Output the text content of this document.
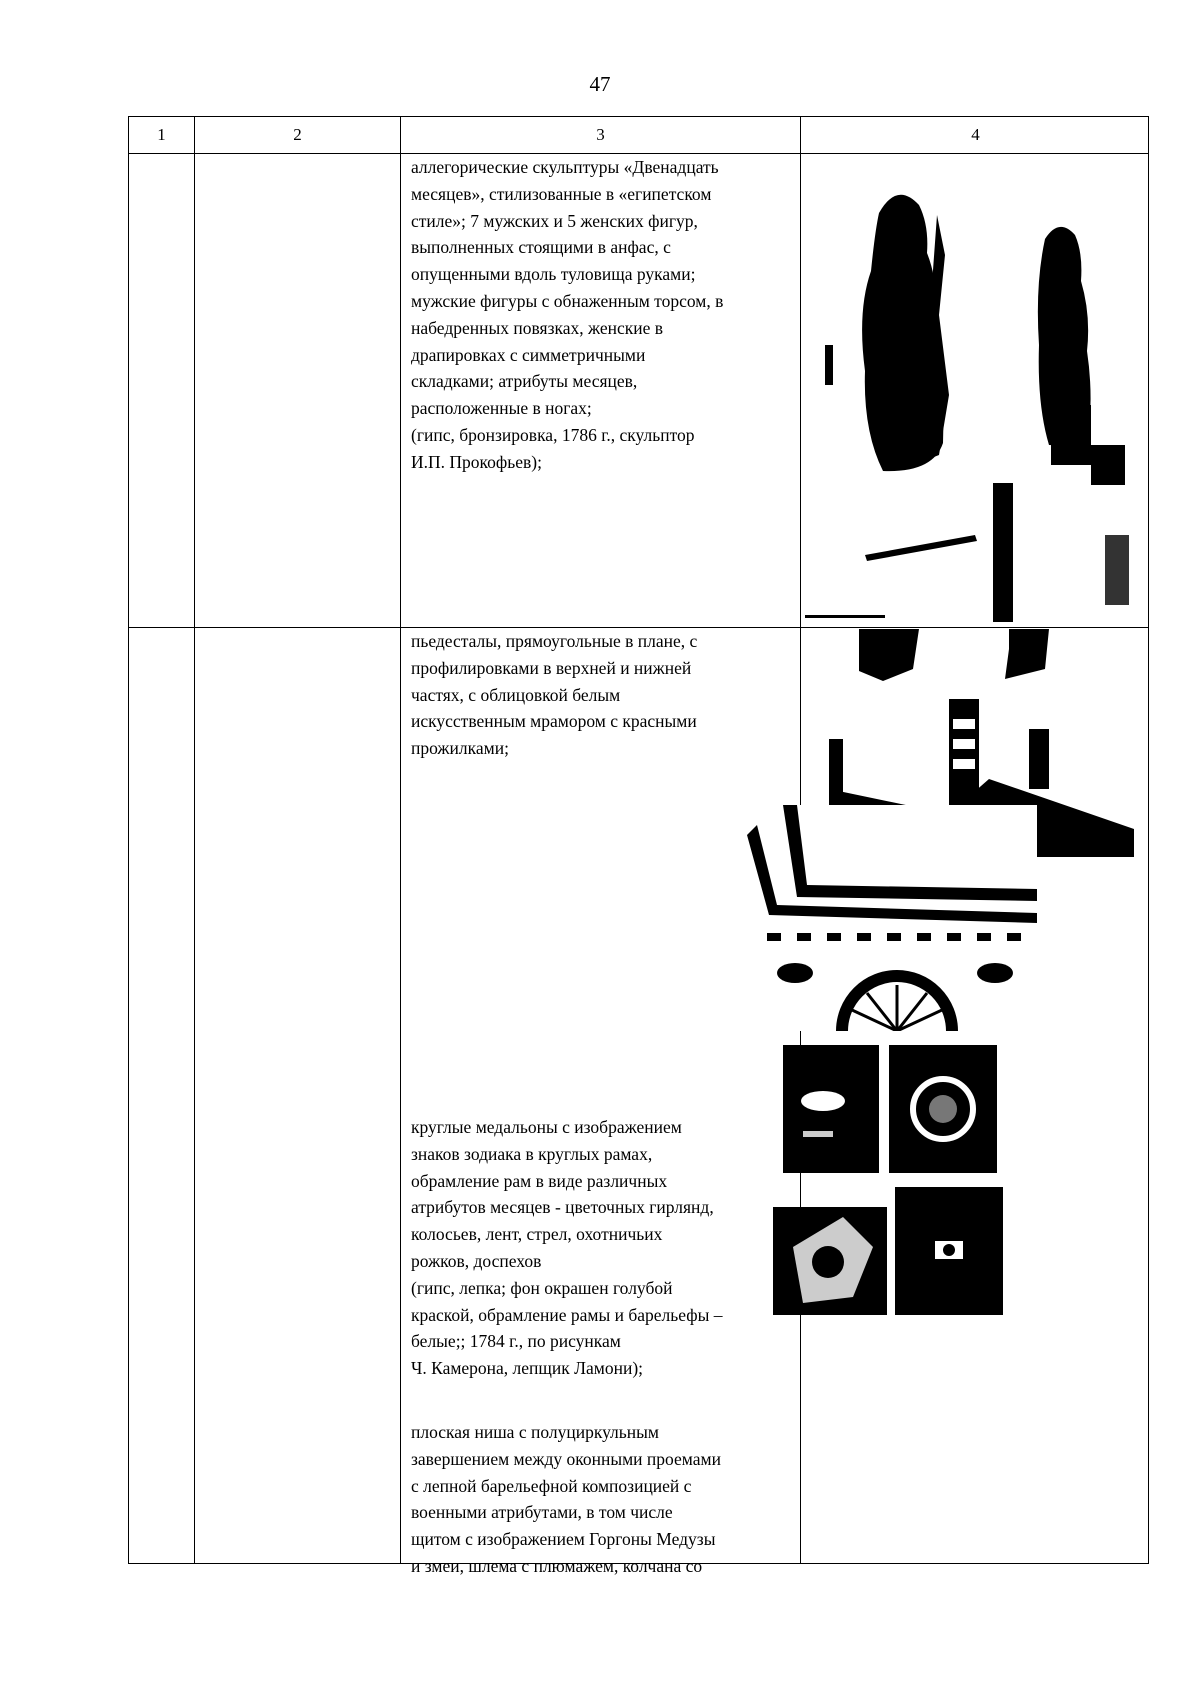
47
1	2	3	4
аллегорические скульптуры «Двенадцать
месяцев», стилизованные в «египетском
стиле»; 7 мужских и 5 женских фигур,
выполненных стоящими в анфас, с
опущенными вдоль туловища руками;
мужские фигуры с обнаженным торсом, в
набедренных повязках, женские в
драпировках с симметричными
складками; атрибуты месяцев,
расположенные в ногах;
(гипс, бронзировка, 1786 г., скульптор
И.П. Прокофьев);
пьедесталы, прямоугольные в плане, с
профилировками в верхней и нижней
частях, с облицовкой белым
искусственным мрамором с красными
прожилками;
круглые медальоны с изображением
знаков зодиака в круглых рамах,
обрамление рам в виде различных
атрибутов месяцев - цветочных гирлянд,
колосьев, лент, стрел, охотничьих
рожков, доспехов
(гипс, лепка; фон окрашен голубой
краской, обрамление рамы и барельефы –
белые;; 1784 г., по рисункам
Ч. Камерона, лепщик Ламони);
плоская ниша с полуциркульным
завершением между оконными проемами
с лепной барельефной композицией с
военными атрибутами, в том числе
щитом с изображением Горгоны Медузы
и змеи, шлема с плюмажем, колчана со
